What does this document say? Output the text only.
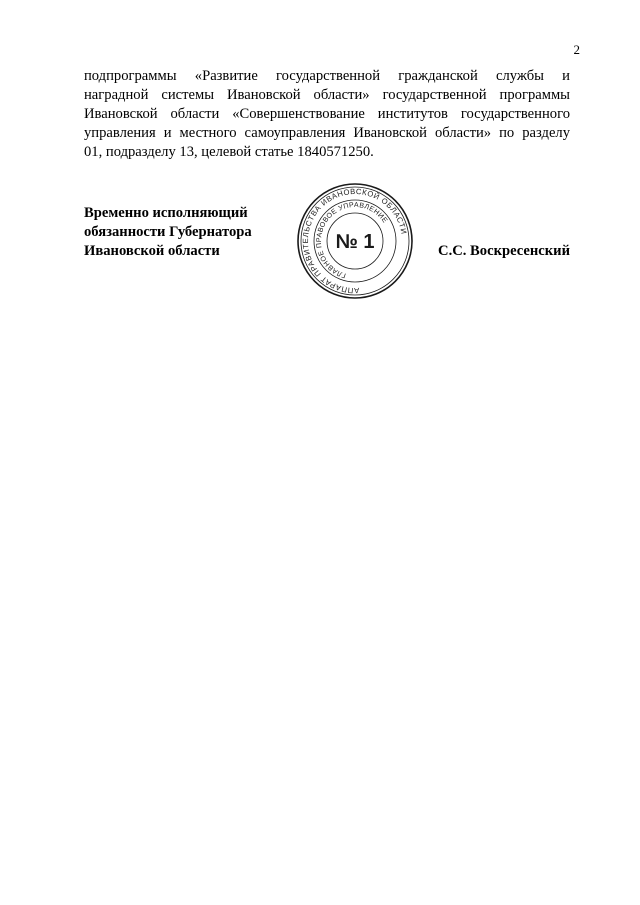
2
подпрограммы «Развитие государственной гражданской службы и
наградной системы Ивановской области» государственной программы
Ивановской области «Совершенствование институтов государственного
управления и местного самоуправления Ивановской области» по разделу
01, подразделу 13, целевой статье 1840571250.
Временно исполняющий
обязанности Губернатора
Ивановской области
АППАРАТ ПРАВИТЕЛЬСТВА ИВАНОВСКОЙ ОБЛАСТИ
ГЛАВНОЕ ПРАВОВОЕ УПРАВЛЕНИЕ
№ 1	С.С. Воскресенский
